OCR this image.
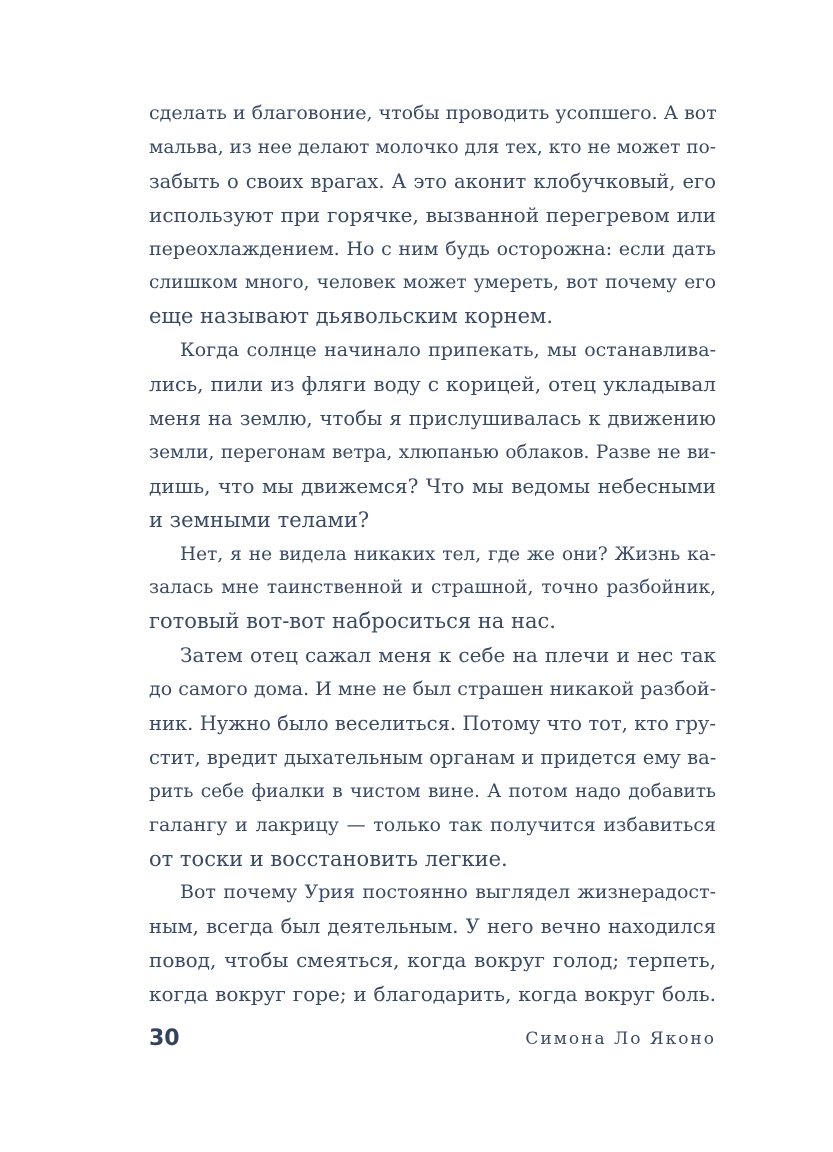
сделать и благовоние, чтобы проводить усопшего. А вот
мальва, из нее делают молочко для тех, кто не может по-
забыть о своих врагах. А это аконит клобучковый, его
используют при горячке, вызванной перегревом или
переохлаждением. Но с ним будь осторожна: если дать
слишком много, человек может умереть, вот почему его
еще называют дьявольским корнем.
Когда солнце начинало припекать, мы останавлива-
лись, пили из фляги воду с корицей, отец укладывал
меня на землю, чтобы я прислушивалась к движению
земли, перегонам ветра, хлюпанью облаков. Разве не ви-
дишь, что мы движемся? Что мы ведомы небесными
и земными телами?
Нет, я не видела никаких тел, где же они? Жизнь ка-
залась мне таинственной и страшной, точно разбойник,
готовый вот-вот наброситься на нас.
Затем отец сажал меня к себе на плечи и нес так
до самого дома. И мне не был страшен никакой разбой-
ник. Нужно было веселиться. Потому что тот, кто гру-
стит, вредит дыхательным органам и придется ему ва-
рить себе фиалки в чистом вине. А потом надо добавить
галангу и лакрицу — только так получится избавиться
от тоски и восстановить легкие.
Вот почему Урия постоянно выглядел жизнерадост-
ным, всегда был деятельным. У него вечно находился
повод, чтобы смеяться, когда вокруг голод; терпеть,
когда вокруг горе; и благодарить, когда вокруг боль.
30	Симона Ло Яконо
